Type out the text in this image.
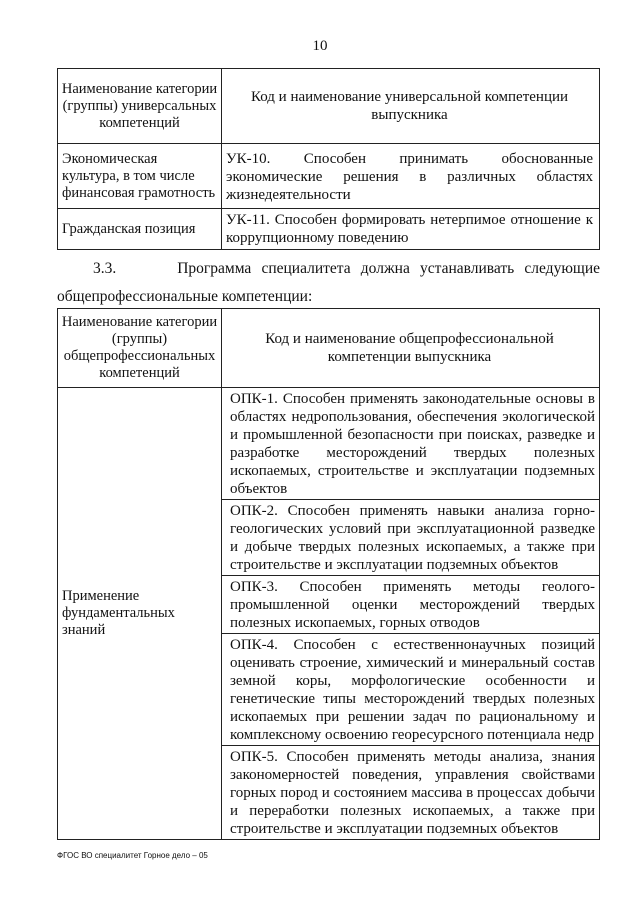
10
Наименование категории (группы) универсальных компетенций	Код и наименование универсальной компетенции выпускника
Экономическая культура, в том числе финансовая грамотность	УК-10. Способен принимать обоснованные экономические решения в различных областях жизнедеятельности
Гражданская позиция	УК-11. Способен формировать нетерпимое отношение к коррупционному поведению
3.3.	Программа специалитета должна устанавливать следующие общепрофессиональные компетенции:
Наименование категории (группы) общепрофессиональных компетенций	Код и наименование общепрофессиональной компетенции выпускника
Применение фундаментальных знаний	ОПК-1. Способен применять законодательные основы в областях недропользования, обеспечения экологической и промышленной безопасности при поисках, разведке и разработке месторождений твердых полезных ископаемых, строительстве и эксплуатации подземных объектов
ОПК-2. Способен применять навыки анализа горно-геологических условий при эксплуатационной разведке и добыче твердых полезных ископаемых, а также при строительстве и эксплуатации подземных объектов
ОПК-3. Способен применять методы геолого-промышленной оценки месторождений твердых полезных ископаемых, горных отводов
ОПК-4. Способен с естественнонаучных позиций оценивать строение, химический и минеральный состав земной коры, морфологические особенности и генетические типы месторождений твердых полезных ископаемых при решении задач по рациональному и комплексному освоению георесурсного потенциала недр
ОПК-5. Способен применять методы анализа, знания закономерностей поведения, управления свойствами горных пород и состоянием массива в процессах добычи и переработки полезных ископаемых, а также при строительстве и эксплуатации подземных объектов
ФГОС ВО специалитет Горное дело – 05
